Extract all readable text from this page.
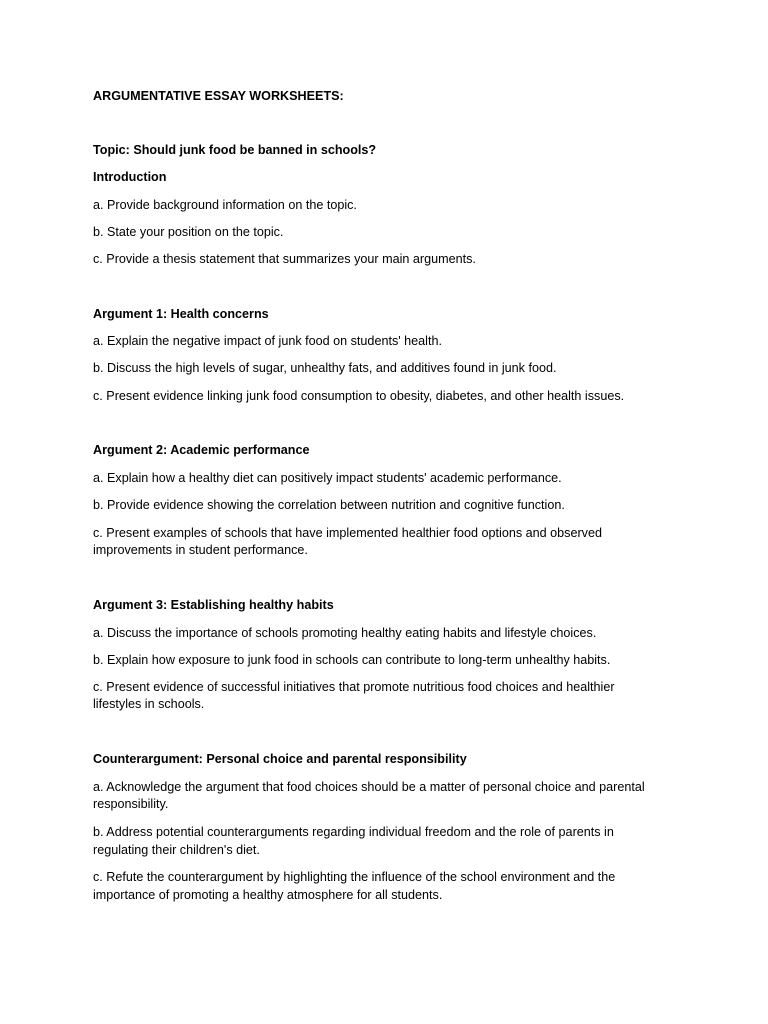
ARGUMENTATIVE ESSAY WORKSHEETS:
Topic: Should junk food be banned in schools?
Introduction
a. Provide background information on the topic.
b. State your position on the topic.
c. Provide a thesis statement that summarizes your main arguments.
Argument 1: Health concerns
a. Explain the negative impact of junk food on students' health.
b. Discuss the high levels of sugar, unhealthy fats, and additives found in junk food.
c. Present evidence linking junk food consumption to obesity, diabetes, and other health issues.
Argument 2: Academic performance
a. Explain how a healthy diet can positively impact students' academic performance.
b. Provide evidence showing the correlation between nutrition and cognitive function.
c. Present examples of schools that have implemented healthier food options and observed
improvements in student performance.
Argument 3: Establishing healthy habits
a. Discuss the importance of schools promoting healthy eating habits and lifestyle choices.
b. Explain how exposure to junk food in schools can contribute to long-term unhealthy habits.
c. Present evidence of successful initiatives that promote nutritious food choices and healthier
lifestyles in schools.
Counterargument: Personal choice and parental responsibility
a. Acknowledge the argument that food choices should be a matter of personal choice and parental
responsibility.
b. Address potential counterarguments regarding individual freedom and the role of parents in
regulating their children's diet.
c. Refute the counterargument by highlighting the influence of the school environment and the
importance of promoting a healthy atmosphere for all students.
